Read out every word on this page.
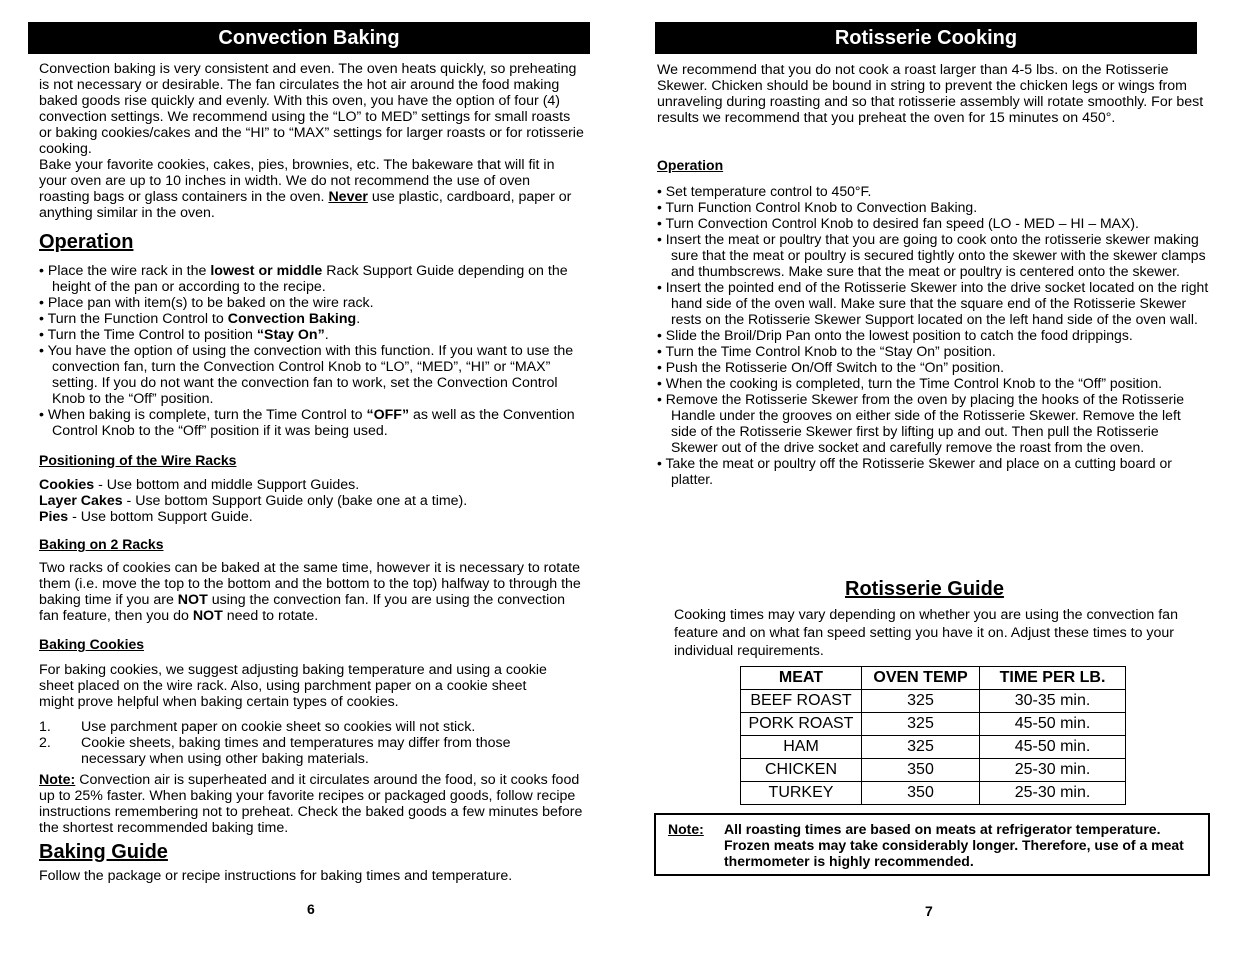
Convection Baking

Convection baking is very consistent and even. The oven heats quickly, so preheating is not necessary or desirable. The fan circulates the hot air around the food making baked goods rise quickly and evenly. With this oven, you have the option of four (4) convection settings. We recommend using the “LO” to MED” settings for small roasts or baking cookies/cakes and the “HI” to “MAX” settings for larger roasts or for rotisserie cooking.

Bake your favorite cookies, cakes, pies, brownies, etc. The bakeware that will fit in your oven are up to 10 inches in width. We do not recommend the use of oven roasting bags or glass containers in the oven. Never use plastic, cardboard, paper or anything similar in the oven.

Operation
• Place the wire rack in the lowest or middle Rack Support Guide depending on the height of the pan or according to the recipe.
• Place pan with item(s) to be baked on the wire rack.
• Turn the Function Control to Convection Baking.
• Turn the Time Control to position “Stay On”.
• You have the option of using the convection with this function. If you want to use the convection fan, turn the Convection Control Knob to “LO”, “MED”, “HI” or “MAX” setting. If you do not want the convection fan to work, set the Convection Control Knob to the “Off” position.
• When baking is complete, turn the Time Control to “OFF” as well as the Convention Control Knob to the “Off” position if it was being used.
Positioning of the Wire Racks

Cookies - Use bottom and middle Support Guides.

Layer Cakes - Use bottom Support Guide only (bake one at a time).

Pies - Use bottom Support Guide.

Baking on 2 Racks

Two racks of cookies can be baked at the same time, however it is necessary to rotate them (i.e. move the top to the bottom and the bottom to the top) halfway to through the baking time if you are NOT using the convection fan. If you are using the convection fan feature, then you do NOT need to rotate.

Baking Cookies
For baking cookies, we suggest adjusting baking temperature and using a cookie sheet placed on the wire rack. Also, using parchment paper on a cookie sheet might prove helpful when baking certain types of cookies.
1.	Use parchment paper on cookie sheet so cookies will not stick.
2.	Cookie sheets, baking times and temperatures may differ from those necessary when using other baking materials.

Note: Convection air is superheated and it circulates around the food, so it cooks food up to 25% faster. When baking your favorite recipes or packaged goods, follow recipe instructions remembering not to preheat. Check the baked goods a few minutes before the shortest recommended baking time.

Baking Guide
Follow the package or recipe instructions for baking times and temperature.
6
Rotisserie Cooking
We recommend that you do not cook a roast larger than 4-5 lbs. on the Rotisserie Skewer. Chicken should be bound in string to prevent the chicken legs or wings from unraveling during roasting and so that rotisserie assembly will rotate smoothly. For best results we recommend that you preheat the oven for 15 minutes on 450°.
Operation
• Set temperature control to 450°F.
• Turn Function Control Knob to Convection Baking.
• Turn Convection Control Knob to desired fan speed (LO - MED – HI – MAX).
• Insert the meat or poultry that you are going to cook onto the rotisserie skewer making sure that the meat or poultry is secured tightly onto the skewer with the skewer clamps and thumbscrews. Make sure that the meat or poultry is centered onto the skewer.
• Insert the pointed end of the Rotisserie Skewer into the drive socket located on the right hand side of the oven wall. Make sure that the square end of the Rotisserie Skewer rests on the Rotisserie Skewer Support located on the left hand side of the oven wall.
• Slide the Broil/Drip Pan onto the lowest position to catch the food drippings.
• Turn the Time Control Knob to the “Stay On” position.
• Push the Rotisserie On/Off Switch to the “On” position.
• When the cooking is completed, turn the Time Control Knob to the “Off” position.
• Remove the Rotisserie Skewer from the oven by placing the hooks of the Rotisserie Handle under the grooves on either side of the Rotisserie Skewer. Remove the left side of the Rotisserie Skewer first by lifting up and out. Then pull the Rotisserie Skewer out of the drive socket and carefully remove the roast from the oven.
• Take the meat or poultry off the Rotisserie Skewer and place on a cutting board or platter.
Rotisserie Guide
Cooking times may vary depending on whether you are using the convection fan feature and on what fan speed setting you have it on. Adjust these times to your individual requirements.
MEAT	OVEN TEMP	TIME PER LB.
BEEF ROAST	325	30-35 min.
PORK ROAST	325	45-50 min.
HAM	325	45-50 min.
CHICKEN	350	25-30 min.
TURKEY	350	25-30 min.
Note: All roasting times are based on meats at refrigerator temperature. Frozen meats may take considerably longer. Therefore, use of a meat thermometer is highly recommended.
7
